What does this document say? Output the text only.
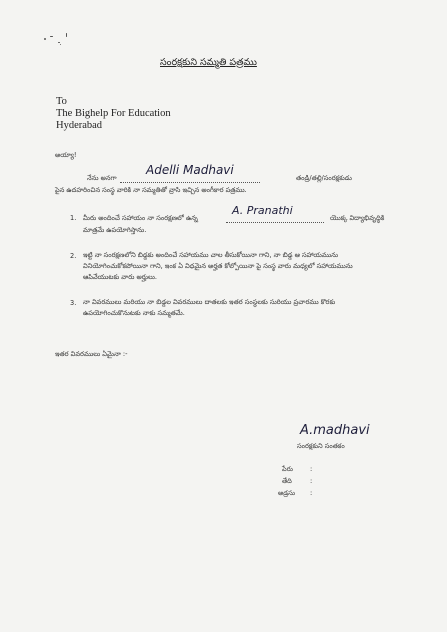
సంరక్షకుని సమ్మతి పత్రము
To
The Bighelp For Education
Hyderabad
అయ్యా!
నేను అనగా
Adelli Madhavi
తండ్రి/తల్లి/సంరక్షకుడు
పైన ఉదహరించిన సంస్థ వారికి నా సమ్మతితో వ్రాసి ఇచ్చిన అంగీకార పత్రము.
1. మీరు అందించే సహాయం నా సంరక్షణలో ఉన్న
A. Pranathi
యొక్క విద్యాభివృద్ధికి
మాత్రమే ఉపయోగిస్తాను.
2. ఇట్టి నా సంరక్షణలోని బిడ్డకు అందించే సహాయము చాల తీసుకోయినా గాని, నా బిడ్డ ఆ సహాయమును వినియోగించుకోకపోయినా గాని, ఇంక ఏ విధమైన అర్హత కోల్పోయినా పై సంస్థ వారు మధ్యలో సహాయమును ఆపివేయుటకు వారు అర్హులు.
3. నా వివరములు మరియు నా బిడ్డల వివరములు దాతలకు ఇతర సంస్థలకు సురియు ప్రచారము కొరకు ఉపయోగించుకొనుటకు నాకు సమ్మతమే.
ఇతర వివరములు ఏమైనా :-
A.madhavi
సంరక్షకుని సంతకం
పేరు	:
తేది	:
అడ్రసు :
